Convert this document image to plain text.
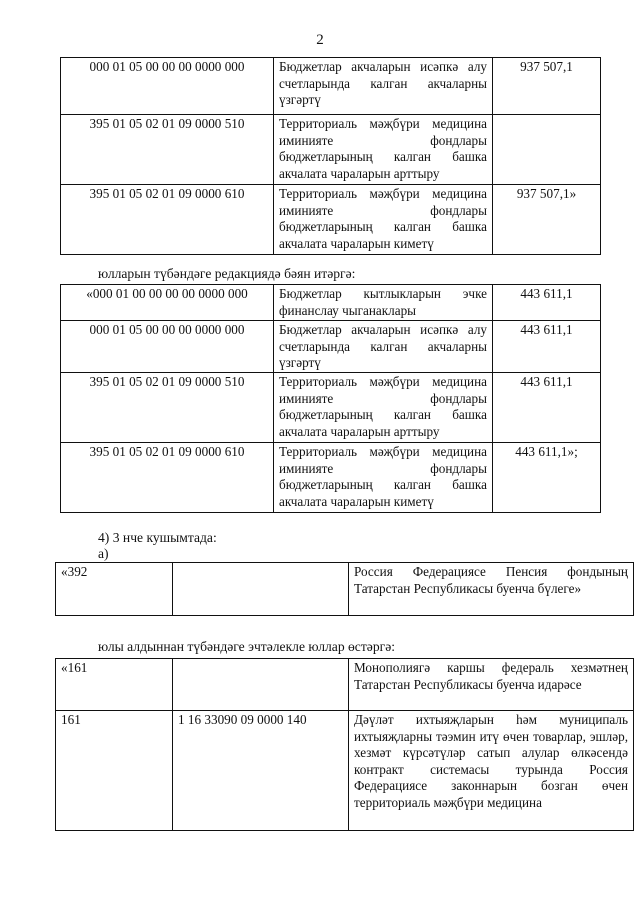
2
000 01 05 00 00 00 0000 000	Бюджетлар акчаларын исәпкә алу счетларында калган акчаларны үзгәртү	937 507,1
395 01 05 02 01 09 0000 510	Территориаль мәҗбүри медицина иминияте фондлары бюджетларының калган башка акчалата чараларын арттыру	
395 01 05 02 01 09 0000 610	Территориаль мәҗбүри медицина иминияте фондлары бюджетларының калган башка акчалата чараларын киметү	937 507,1»
юлларын түбәндәге редакциядә бәян итәргә:
«000 01 00 00 00 00 0000 000	Бюджетлар кытлыкларын эчке финанслау чыганаклары	443 611,1
000 01 05 00 00 00 0000 000	Бюджетлар акчаларын исәпкә алу счетларында калган акчаларны үзгәртү	443 611,1
395 01 05 02 01 09 0000 510	Территориаль мәҗбүри медицина иминияте фондлары бюджетларының калган башка акчалата чараларын арттыру	443 611,1
395 01 05 02 01 09 0000 610	Территориаль мәҗбүри медицина иминияте фондлары бюджетларының калган башка акчалата чараларын киметү	443 611,1»;
4) 3 нче кушымтада:
а)
«392		Россия Федерациясе Пенсия фондының Татарстан Республикасы буенча бүлеге»
юлы алдыннан түбәндәге эчтәлекле юллар өстәргә:
«161		Монополиягә каршы федераль хезмәтнең Татарстан Республикасы буенча идарәсе
161	1 16 33090 09 0000 140	Дәүләт ихтыяҗларын һәм муниципаль ихтыяҗларны тәэмин итү өчен товарлар, эшләр, хезмәт күрсәтүләр сатып алулар өлкәсендә контракт системасы турында Россия Федерациясе законнарын бозган өчен территориаль мәҗбүри медицина
